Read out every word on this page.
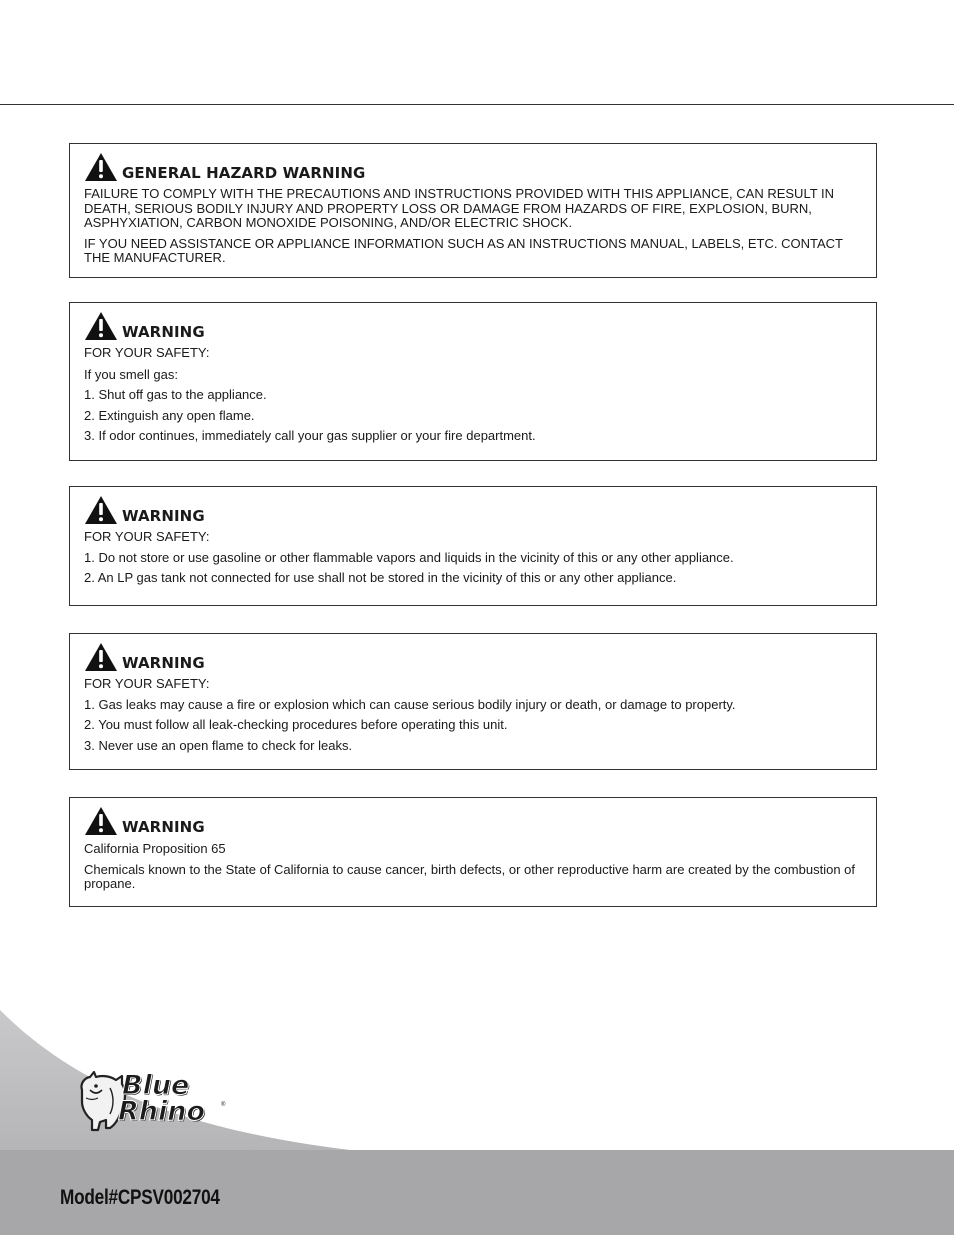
GENERAL HAZARD WARNING

FAILURE TO COMPLY WITH THE PRECAUTIONS AND INSTRUCTIONS PROVIDED WITH THIS APPLIANCE, CAN RESULT IN DEATH, SERIOUS BODILY INJURY AND PROPERTY LOSS OR DAMAGE FROM HAZARDS OF FIRE, EXPLOSION, BURN, ASPHYXIATION, CARBON MONOXIDE POISONING, AND/OR ELECTRIC SHOCK.

IF YOU NEED ASSISTANCE OR APPLIANCE INFORMATION SUCH AS AN INSTRUCTIONS MANUAL, LABELS, ETC. CONTACT THE MANUFACTURER.

WARNING

FOR YOUR SAFETY:

If you smell gas:

1. Shut off gas to the appliance.

2. Extinguish any open flame.

3. If odor continues, immediately call your gas supplier or your fire department.

WARNING

FOR YOUR SAFETY:

1. Do not store or use gasoline or other flammable vapors and liquids in the vicinity of this or any other appliance.

2. An LP gas tank not connected for use shall not be stored in the vicinity of this or any other appliance.

WARNING

FOR YOUR SAFETY:

1. Gas leaks may cause a fire or explosion which can cause serious bodily injury or death, or damage to property.

2. You must follow all leak-checking procedures before operating this unit.

3. Never use an open flame to check for leaks.

WARNING

California Proposition 65

Chemicals known to the State of California to cause cancer, birth defects, or other reproductive harm are created by the combustion of propane.

Blue
Rhino	®
Model#CPSV002704
